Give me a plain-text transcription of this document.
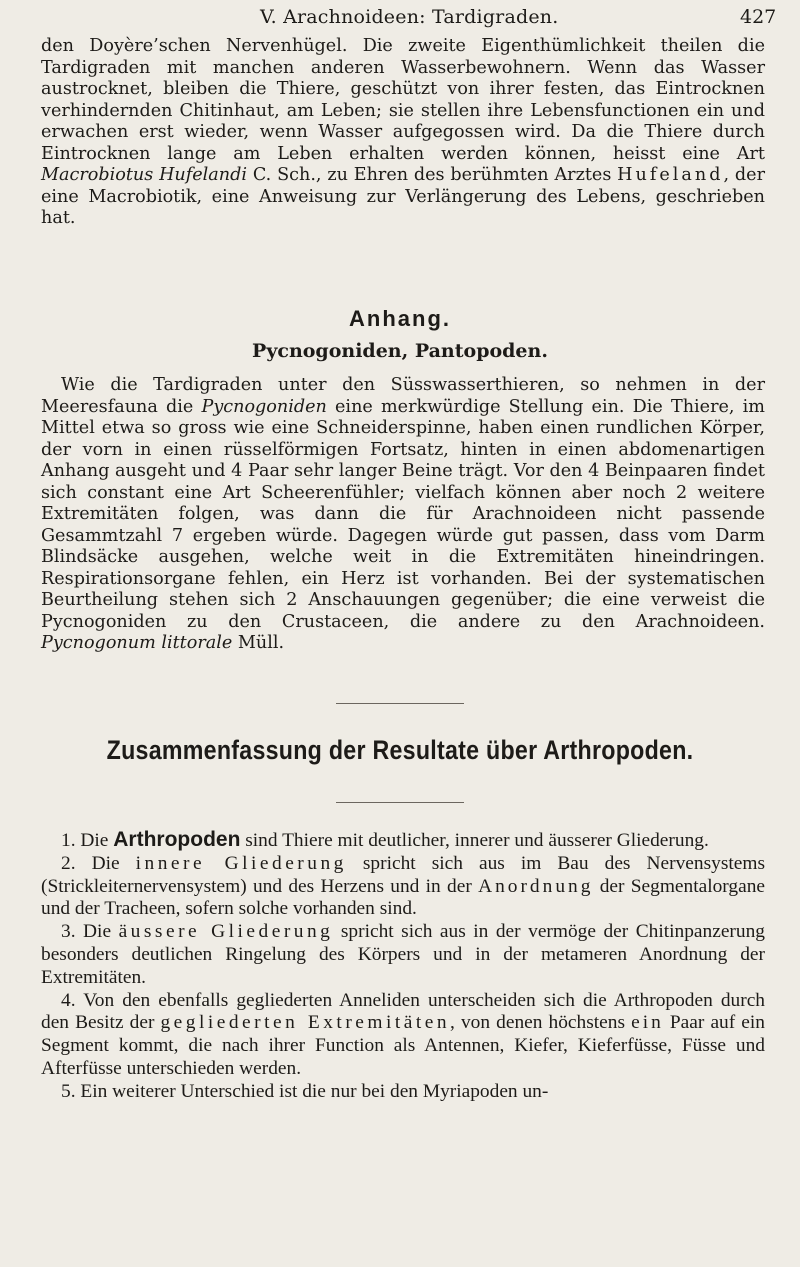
V. Arachnoideen: Tardigraden.	427

den Doyère’schen Nervenhügel. Die zweite Eigenthümlichkeit theilen die Tardigraden mit manchen anderen Wasserbewohnern. Wenn das Wasser austrocknet, bleiben die Thiere, geschützt von ihrer festen, das Eintrocknen verhindernden Chitinhaut, am Leben; sie stellen ihre Lebensfunctionen ein und erwachen erst wieder, wenn Wasser aufgegossen wird. Da die Thiere durch Eintrocknen lange am Leben erhalten werden können, heisst eine Art Macrobiotus Hufelandi C. Sch., zu Ehren des berühmten Arztes Hufeland, der eine Macrobiotik, eine Anweisung zur Verlängerung des Lebens, geschrieben hat.

Anhang.
Pycnogoniden, Pantopoden.

Wie die Tardigraden unter den Süsswasserthieren, so nehmen in der Meeresfauna die Pycnogoniden eine merkwürdige Stellung ein. Die Thiere, im Mittel etwa so gross wie eine Schneiderspinne, haben einen rundlichen Körper, der vorn in einen rüsselförmigen Fortsatz, hinten in einen abdomenartigen Anhang ausgeht und 4 Paar sehr langer Beine trägt. Vor den 4 Beinpaaren findet sich constant eine Art Scheerenfühler; vielfach können aber noch 2 weitere Extremitäten folgen, was dann die für Arachnoideen nicht passende Gesammtzahl 7 ergeben würde. Dagegen würde gut passen, dass vom Darm Blindsäcke ausgehen, welche weit in die Extremitäten hineindringen. Respirationsorgane fehlen, ein Herz ist vorhanden. Bei der systematischen Beurtheilung stehen sich 2 Anschauungen gegenüber; die eine verweist die Pycnogoniden zu den Crustaceen, die andere zu den Arachnoideen. Pycnogonum littorale Müll.

Zusammenfassung der Resultate über Arthropoden.

1. Die Arthropoden sind Thiere mit deutlicher, innerer und äusserer Gliederung.

2. Die innere Gliederung spricht sich aus im Bau des Nervensystems (Strickleiternervensystem) und des Herzens und in der Anordnung der Segmentalorgane und der Tracheen, sofern solche vorhanden sind.

3. Die äussere Gliederung spricht sich aus in der vermöge der Chitinpanzerung besonders deutlichen Ringelung des Körpers und in der metameren Anordnung der Extremitäten.

4. Von den ebenfalls gegliederten Anneliden unterscheiden sich die Arthropoden durch den Besitz der gegliederten Extremitäten, von denen höchstens ein Paar auf ein Segment kommt, die nach ihrer Function als Antennen, Kiefer, Kieferfüsse, Füsse und Afterfüsse unterschieden werden.

5. Ein weiterer Unterschied ist die nur bei den Myriapoden un-
